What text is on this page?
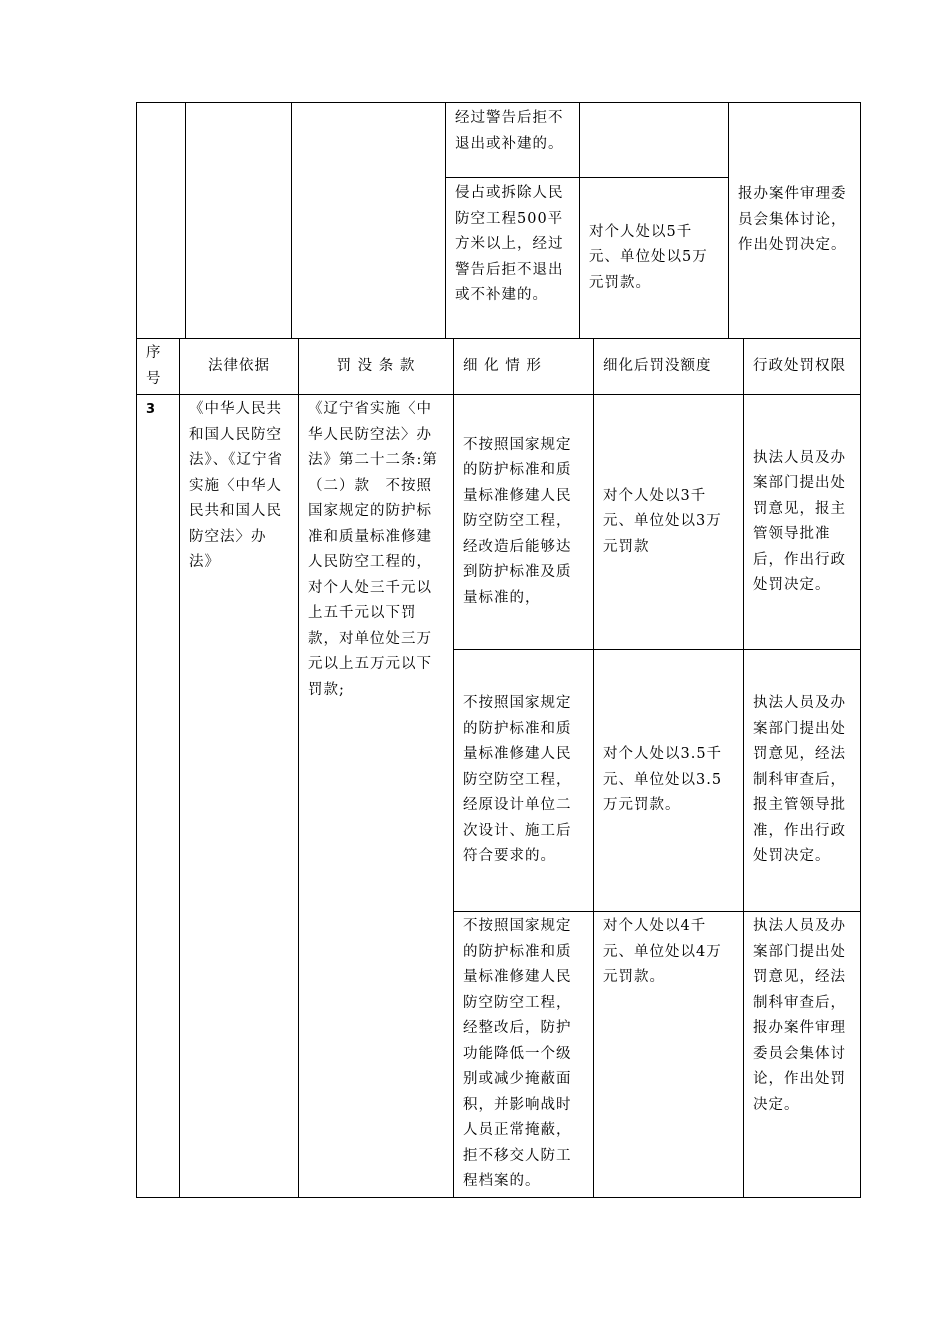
			经过警告后拒不退出或补建的。		报办案件审理委员会集体讨论，作出处罚决定。
			侵占或拆除人民防空工程500平方米以上，经过警告后拒不退出或不补建的。	对个人处以5千元、单位处以5万元罚款。	
序号	法律依据	罚 没 条 款	细 化 情 形	细化后罚没额度	行政处罚权限
3	《中华人民共和国人民防空法》、《辽宁省实施〈中华人民共和国人民防空法〉办法》	《辽宁省实施〈中华人民防空法〉办法》第二十二条:第（二）款　不按照国家规定的防护标准和质量标准修建人民防空工程的，对个人处三千元以上五千元以下罚款，对单位处三万元以上五万元以下罚款;	不按照国家规定的防护标准和质量标准修建人民防空防空工程，经改造后能够达到防护标准及质量标准的，	对个人处以3千元、单位处以3万元罚款	执法人员及办案部门提出处罚意见，报主管领导批准后，作出行政处罚决定。
			不按照国家规定的防护标准和质量标准修建人民防空防空工程，经原设计单位二次设计、施工后符合要求的。	对个人处以3.5千元、单位处以3.5万元罚款。	执法人员及办案部门提出处罚意见，经法制科审查后，报主管领导批准，作出行政处罚决定。
			不按照国家规定的防护标准和质量标准修建人民防空防空工程，经整改后，防护功能降低一个级别或减少掩蔽面积，并影响战时人员正常掩蔽，拒不移交人防工程档案的。	对个人处以4千元、单位处以4万元罚款。	执法人员及办案部门提出处罚意见，经法制科审查后，报办案件审理委员会集体讨论，作出处罚决定。
